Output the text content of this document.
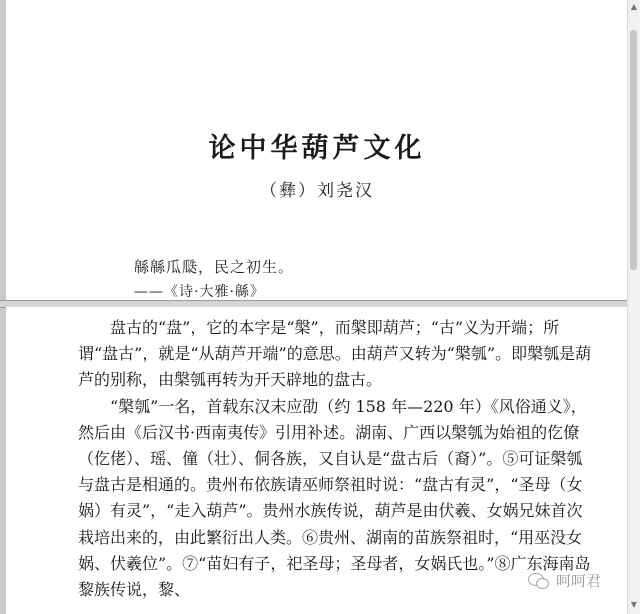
论中华葫芦文化
（彝）刘尧汉
緜緜瓜瓞，民之初生。
——《诗·大雅·緜》

盘古的“盘”，它的本字是“槃”，而槃即葫芦；“古”义为开端；所谓“盘古”，就是“从葫芦开端”的意思。由葫芦又转为“槃瓠”。即槃瓠是葫芦的别称，由槃瓠再转为开天辟地的盘古。

“槃瓠”一名，首载东汉末应劭（约 158 年—220 年）《风俗通义》，然后由《后汉书·西南夷传》引用补述。湖南、广西以槃瓠为始祖的仡僚（仡佬）、瑶、僮（壮）、侗各族，又自认是“盘古后（裔）”。⑤可证槃瓠与盘古是相通的。贵州布依族请巫师祭祖时说：“盘古有灵”，“圣母（女娲）有灵”，“走入葫芦”。贵州水族传说，葫芦是由伏羲、女娲兄妹首次栽培出来的，由此繁衍出人类。⑥贵州、湖南的苗族祭祖时，“用巫没女娲、伏羲位”。⑦“苗妇有子，祀圣母；圣母者，女娲氏也。”⑧广东海南岛黎族传说，黎、

▲
▼
呵呵君
